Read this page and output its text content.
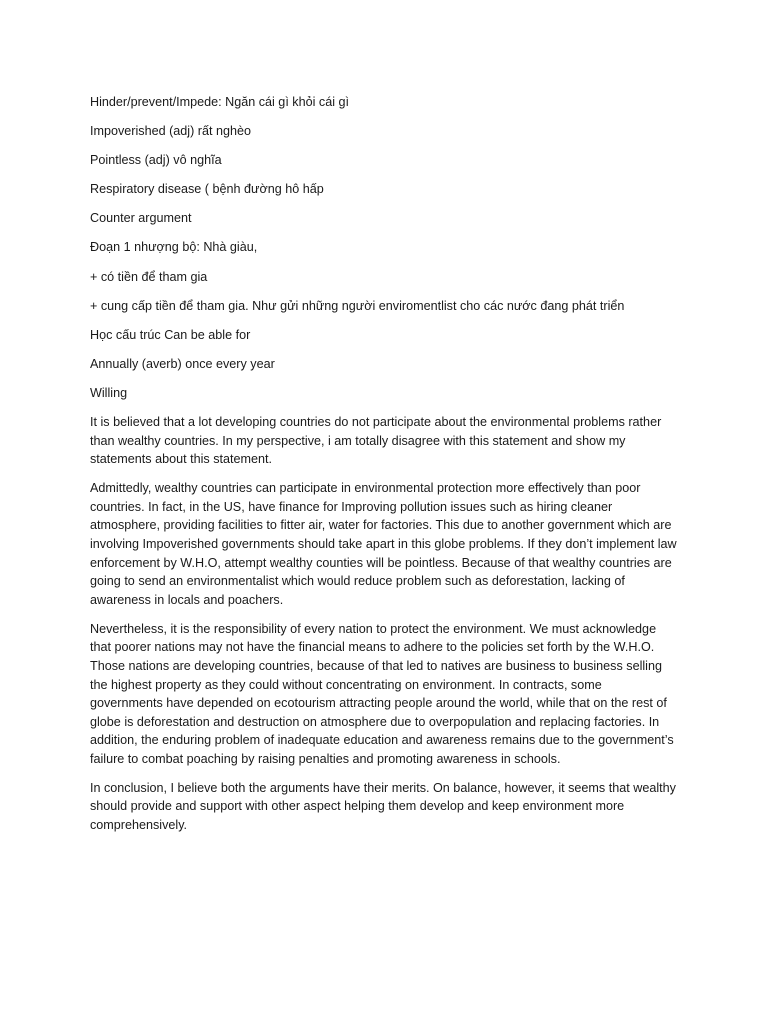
Hinder/prevent/Impede: Ngăn cái gì khỏi cái gì

Impoverished (adj) rất nghèo

Pointless (adj) vô nghĩa

Respiratory disease ( bệnh đường hô hấp

Counter argument

Đoạn 1 nhượng bộ: Nhà giàu,

+ có tiền để tham gia

+ cung cấp tiền để tham gia. Như gửi những người enviromentlist cho các nước đang phát triển

Học cấu trúc Can be able for

Annually (averb) once every year

Willing

It is believed that a lot developing countries do not participate about the environmental problems rather than wealthy countries. In my perspective, i am totally disagree with this statement and show my statements about this statement.

Admittedly, wealthy countries can participate in environmental protection more effectively than poor countries. In fact, in the US, have finance for Improving pollution issues such as hiring cleaner atmosphere, providing facilities to fitter air, water for factories. This due to another government which are involving Impoverished governments should take apart in this globe problems. If they don’t implement law enforcement by W.H.O, attempt wealthy counties will be pointless. Because of that wealthy countries are going to send an environmentalist which would reduce problem such as deforestation, lacking of awareness in locals and poachers.

Nevertheless, it is the responsibility of every nation to protect the environment. We must acknowledge that poorer nations may not have the financial means to adhere to the policies set forth by the W.H.O. Those nations are developing countries, because of that led to natives are business to business selling the highest property as they could without concentrating on environment. In contracts, some governments have depended on ecotourism attracting people around the world, while that on the rest of globe is deforestation and destruction on atmosphere due to overpopulation and replacing factories. In addition, the enduring problem of inadequate education and awareness remains due to the government’s failure to combat poaching by raising penalties and promoting awareness in schools.

In conclusion, I believe both the arguments have their merits. On balance, however, it seems that wealthy should provide and support with other aspect helping them develop and keep environment more comprehensively.
